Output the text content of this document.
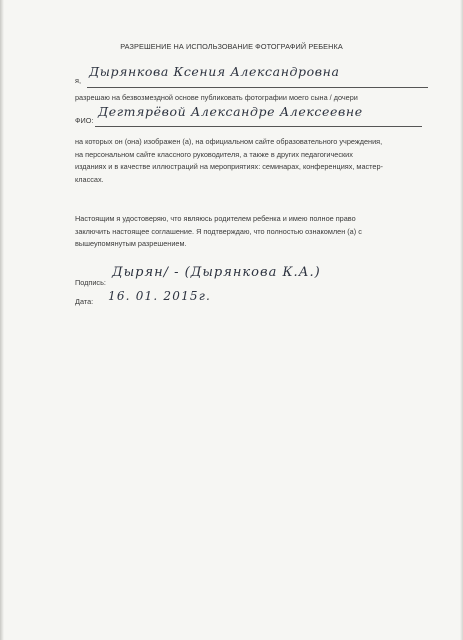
РАЗРЕШЕНИЕ НА ИСПОЛЬЗОВАНИЕ ФОТОГРАФИЙ РЕБЕНКА
я,
Дырянкова Ксения Александровна
разрешаю на безвозмездной основе публиковать фотографии моего сына / дочери
ФИО:
Дегтярёвой Александре Алексеевне
на которых он (она) изображен (а), на официальном сайте образовательного учреждения,
на персональном сайте классного руководителя, а также в других педагогических
изданиях и в качестве иллюстраций на мероприятиях: семинарах, конференциях, мастер-
классах.
Настоящим я удостоверяю, что являюсь родителем ребенка и имею полное право
заключить настоящее соглашение. Я подтверждаю, что полностью ознакомлен (а) с
вышеупомянутым разрешением.
Подпись:
Дырян/ - (Дырянкова К.А.)
Дата: 16. 01. 2015г.
